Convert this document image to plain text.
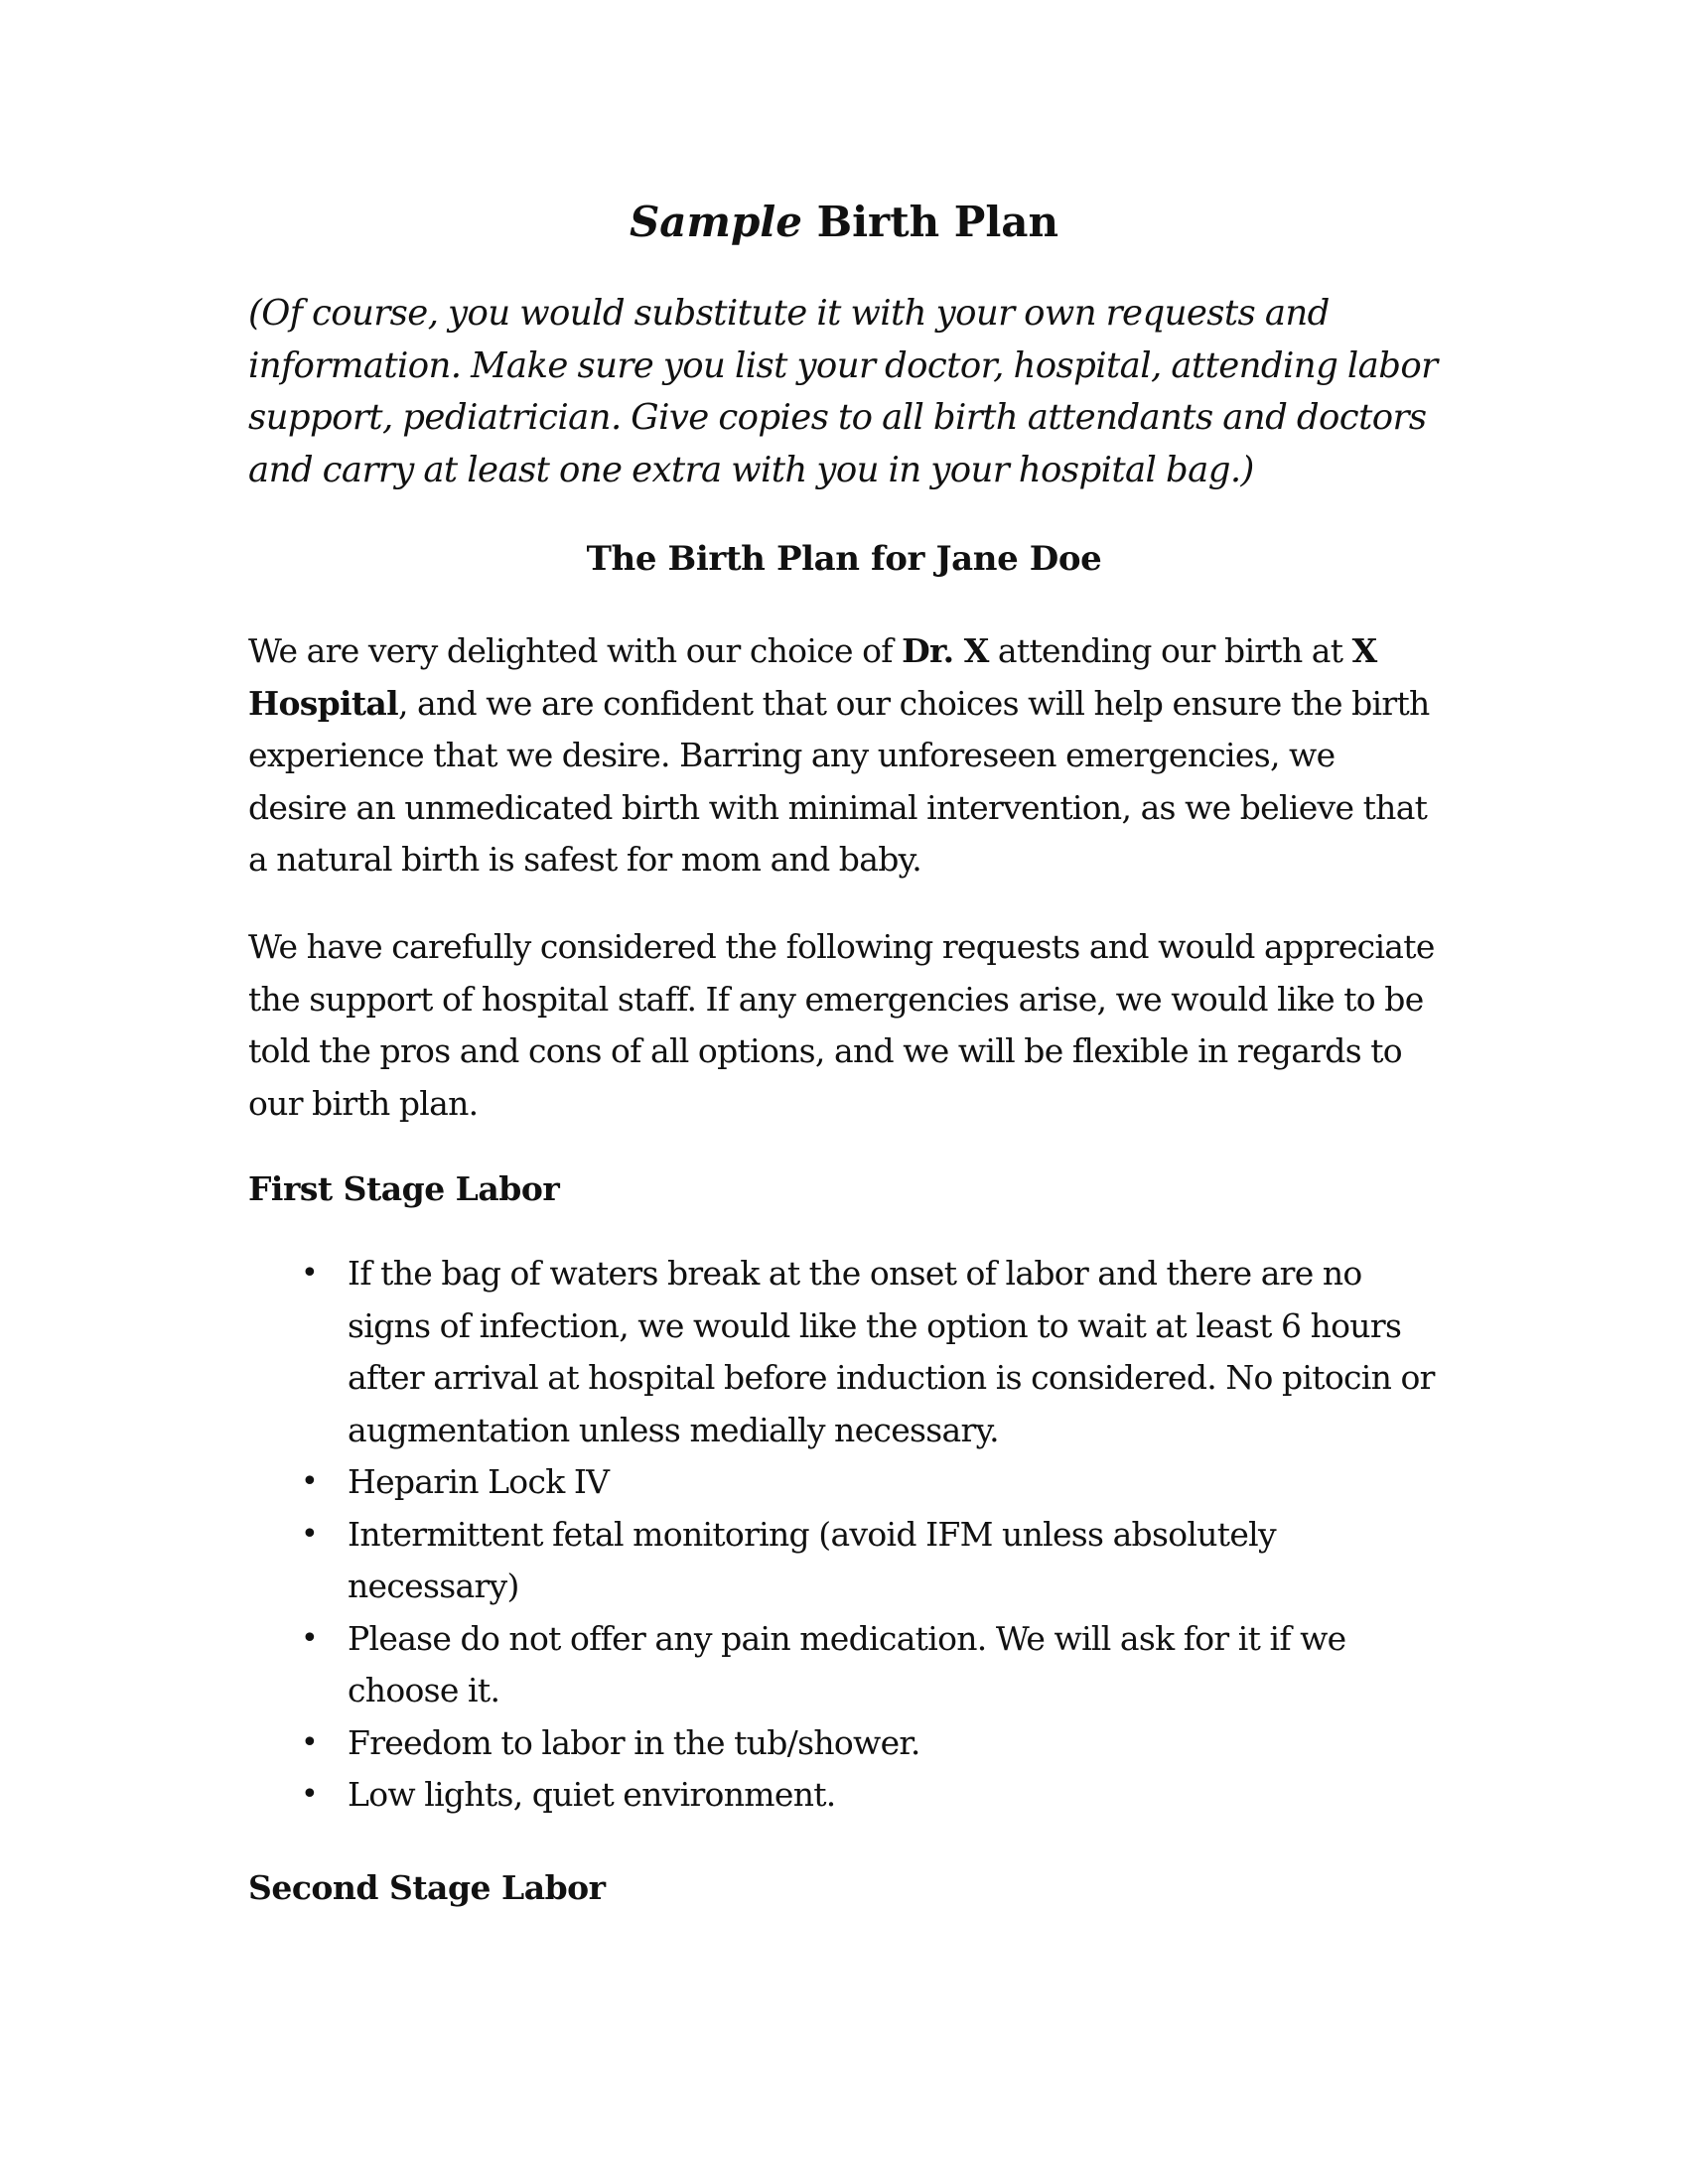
Sample Birth Plan

(Of course, you would substitute it with your own requests and information. Make sure you list your doctor, hospital, attending labor support, pediatrician. Give copies to all birth attendants and doctors and carry at least one extra with you in your hospital bag.)

The Birth Plan for Jane Doe

We are very delighted with our choice of Dr. X attending our birth at X Hospital, and we are confident that our choices will help ensure the birth experience that we desire. Barring any unforeseen emergencies, we desire an unmedicated birth with minimal intervention, as we believe that a natural birth is safest for mom and baby.

We have carefully considered the following requests and would appreciate the support of hospital staff. If any emergencies arise, we would like to be told the pros and cons of all options, and we will be flexible in regards to our birth plan.

First Stage Labor
• If the bag of waters break at the onset of labor and there are no signs of infection, we would like the option to wait at least 6 hours after arrival at hospital before induction is considered. No pitocin or augmentation unless medially necessary.
• Heparin Lock IV
• Intermittent fetal monitoring (avoid IFM unless absolutely necessary)
• Please do not offer any pain medication. We will ask for it if we choose it.
• Freedom to labor in the tub/shower.
• Low lights, quiet environment.
Second Stage Labor
